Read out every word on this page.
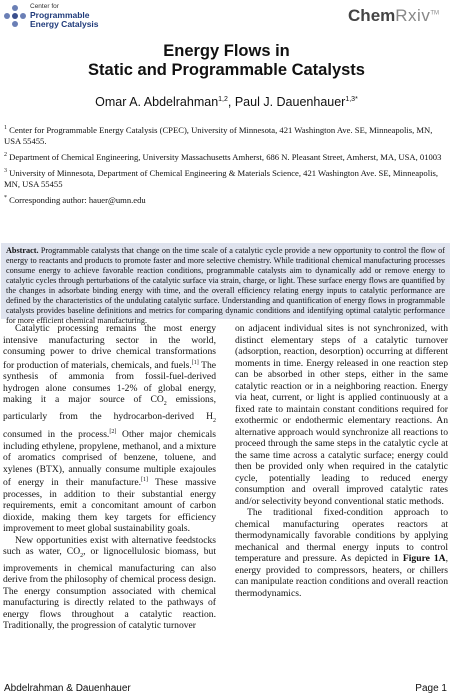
Center for
Programmable
Energy Catalysis	ChemRxiv™
Energy Flows in
Static and Programmable Catalysts
Omar A. Abdelrahman$^{1,2}$, Paul J. Dauenhauer$^{1,3*}$

$^1$ Center for Programmable Energy Catalysis (CPEC), University of Minnesota, 421 Washington Ave. SE, Minneapolis, MN, USA 55455.

$^2$ Department of Chemical Engineering, University Massachusetts Amherst, 686 N. Pleasant Street, Amherst, MA, USA, 01003

$^3$ University of Minnesota, Department of Chemical Engineering & Materials Science, 421 Washington Ave. SE, Minneapolis, MN, USA 55455

* Corresponding author: hauer@umn.edu

Abstract. Programmable catalysts that change on the time scale of a catalytic cycle provide a new opportunity to control the flow of energy to reactants and products to promote faster and more selective chemistry. While traditional chemical manufacturing processes consume energy to achieve favorable reaction conditions, programmable catalysts aim to dynamically add or remove energy to catalytic cycles through perturbations of the catalytic surface via strain, charge, or light. These surface energy flows are quantified by the changes in adsorbate binding energy with time, and the overall efficiency relating energy inputs to catalytic performance are defined by the characteristics of the undulating catalytic surface. Understanding and quantification of energy flows in programmable catalysts provides baseline definitions and metrics for comparing dynamic conditions and identifying optimal catalytic performance for more efficient chemical manufacturing.

Catalytic processing remains the most energy intensive manufacturing sector in the world, consuming power to drive chemical transformations for production of materials, chemicals, and fuels.[1] The synthesis of ammonia from fossil-fuel-derived hydrogen alone consumes 1-2% of global energy, making it a major source of $CO_2$ emissions, particularly from the hydrocarbon-derived $H_2$ consumed in the process.[2] Other major chemicals including ethylene, propylene, methanol, and a mixture of aromatics comprised of benzene, toluene, and xylenes (BTX), annually consume multiple exajoules of energy in their manufacture.[1] These massive processes, in addition to their substantial energy requirements, emit a concomitant amount of carbon dioxide, making them key targets for efficiency improvement to meet global sustainability goals.

New opportunities exist with alternative feedstocks such as water, $CO_2$, or lignocellulosic biomass, but improvements in chemical manufacturing can also derive from the philosophy of chemical process design. The energy consumption associated with chemical manufacturing is directly related to the pathways of energy flows throughout a catalytic reaction. Traditionally, the progression of catalytic turnover

on adjacent individual sites is not synchronized, with distinct elementary steps of a catalytic turnover (adsorption, reaction, desorption) occurring at different moments in time. Energy released in one reaction step can be absorbed in other steps, either in the same catalytic reaction or in a neighboring reaction. Energy via heat, current, or light is applied continuously at a fixed rate to maintain constant conditions required for exothermic or endothermic elementary reactions. An alternative approach would synchronize all reactions to proceed through the same steps in the catalytic cycle at the same time across a catalytic surface; energy could then be provided only when required in the catalytic cycle, potentially leading to reduced energy consumption and overall improved catalytic rates and/or selectivity beyond conventional static methods.

The traditional fixed-condition approach to chemical manufacturing operates reactors at thermodynamically favorable conditions by applying mechanical and thermal energy inputs to control temperature and pressure. As depicted in Figure 1A, energy provided to compressors, heaters, or chillers can manipulate reaction conditions and overall reaction thermodynamics.

Abdelrahman & Dauenhauer	Page 1
